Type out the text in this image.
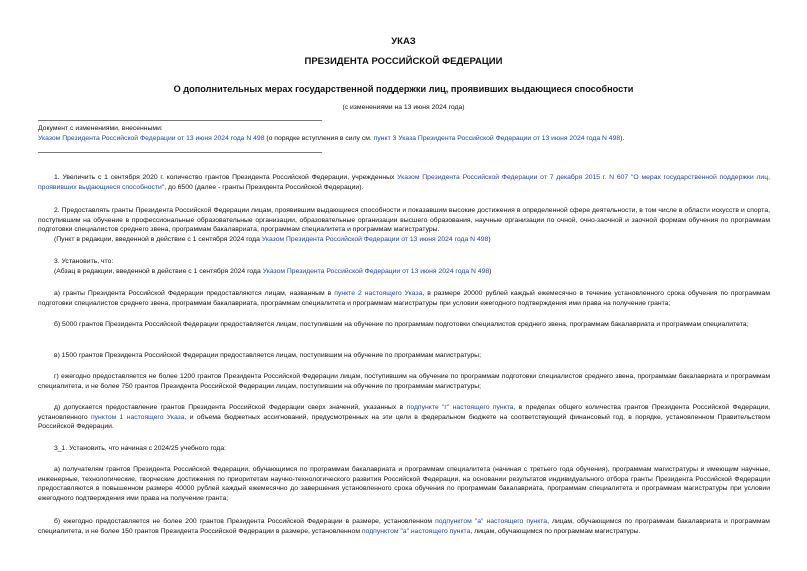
УКАЗ
ПРЕЗИДЕНТА РОССИЙСКОЙ ФЕДЕРАЦИИ
О дополнительных мерах государственной поддержки лиц, проявивших выдающиеся способности
(с изменениями на 13 июня 2024 года)
Документ с изменениями, внесенными:
Указом Президента Российской Федерации от 13 июня 2024 года N 498 (о порядке вступления в силу см. пункт 3 Указа Президента Российской Федерации от 13 июня 2024 года N 498).
1. Увеличить с 1 сентября 2020 г. количество грантов Президента Российской Федерации, учрежденных Указом Президента Российской Федерации от 7 декабря 2015 г. N 607 "О мерах государственной поддержки лиц, проявивших выдающиеся способности", до 6500 (далее - гранты Президента Российской Федерации).
2. Предоставлять гранты Президента Российской Федерации лицам, проявившим выдающиеся способности и показавшим высокие достижения в определенной сфере деятельности, в том числе в области искусств и спорта, поступившим на обучение в профессиональные образовательные организации, образовательные организации высшего образования, научные организации по очной, очно-заочной и заочной формам обучения по программам подготовки специалистов среднего звена, программам бакалавриата, программам специалитета и программам магистратуры.
(Пункт в редакции, введенной в действие с 1 сентября 2024 года Указом Президента Российской Федерации от 13 июня 2024 года N 498)
3. Установить, что:
(Абзац в редакции, введенной в действие с 1 сентября 2024 года Указом Президента Российской Федерации от 13 июня 2024 года N 498)
а) гранты Президента Российской Федерации предоставляются лицам, названным в пункте 2 настоящего Указа, в размере 20000 рублей каждый ежемесячно в течение установленного срока обучения по программам подготовки специалистов среднего звена, программам бакалавриата, программам специалитета и программам магистратуры при условии ежегодного подтверждения ими права на получение гранта;
б) 5000 грантов Президента Российской Федерации предоставляется лицам, поступившим на обучение по программам подготовки специалистов среднего звена, программам бакалавриата и программам специалитета;
в) 1500 грантов Президента Российской Федерации предоставляется лицам, поступившим на обучение по программам магистратуры;
г) ежегодно предоставляется не более 1200 грантов Президента Российской Федерации лицам, поступившим на обучение по программам подготовки специалистов среднего звена, программам бакалавриата и программам специалитета, и не более 750 грантов Президента Российской Федерации лицам, поступившим на обучение по программам магистратуры;
д) допускается предоставление грантов Президента Российской Федерации сверх значений, указанных в подпункте "г" настоящего пункта, в пределах общего количества грантов Президента Российской Федерации, установленного пунктом 1 настоящего Указа, и объема бюджетных ассигнований, предусмотренных на эти цели в федеральном бюджете на соответствующий финансовый год, в порядке, установленном Правительством Российской Федерации.
3_1. Установить, что начиная с 2024/25 учебного года:
а) получателям грантов Президента Российской Федерации, обучающимся по программам бакалавриата и программам специалитета (начиная с третьего года обучения), программам магистратуры и имеющим научные, инженерные, технологические, творческие достижения по приоритетам научно-технологического развития Российской Федерации, на основании результатов индивидуального отбора гранты Президента Российской Федерации предоставляются в повышенном размере 40000 рублей каждый ежемесячно до завершения установленного срока обучения по программам бакалавриата, программам специалитета и программам магистратуры при условии ежегодного подтверждения ими права на получение гранта;
б) ежегодно предоставляется не более 200 грантов Президента Российской Федерации в размере, установленном подпунктом "а" настоящего пункта, лицам, обучающимся по программам бакалавриата и программам специалитета, и не более 150 грантов Президента Российской Федерации в размере, установленном подпунктом "а" настоящего пункта, лицам, обучающимся по программам магистратуры.
